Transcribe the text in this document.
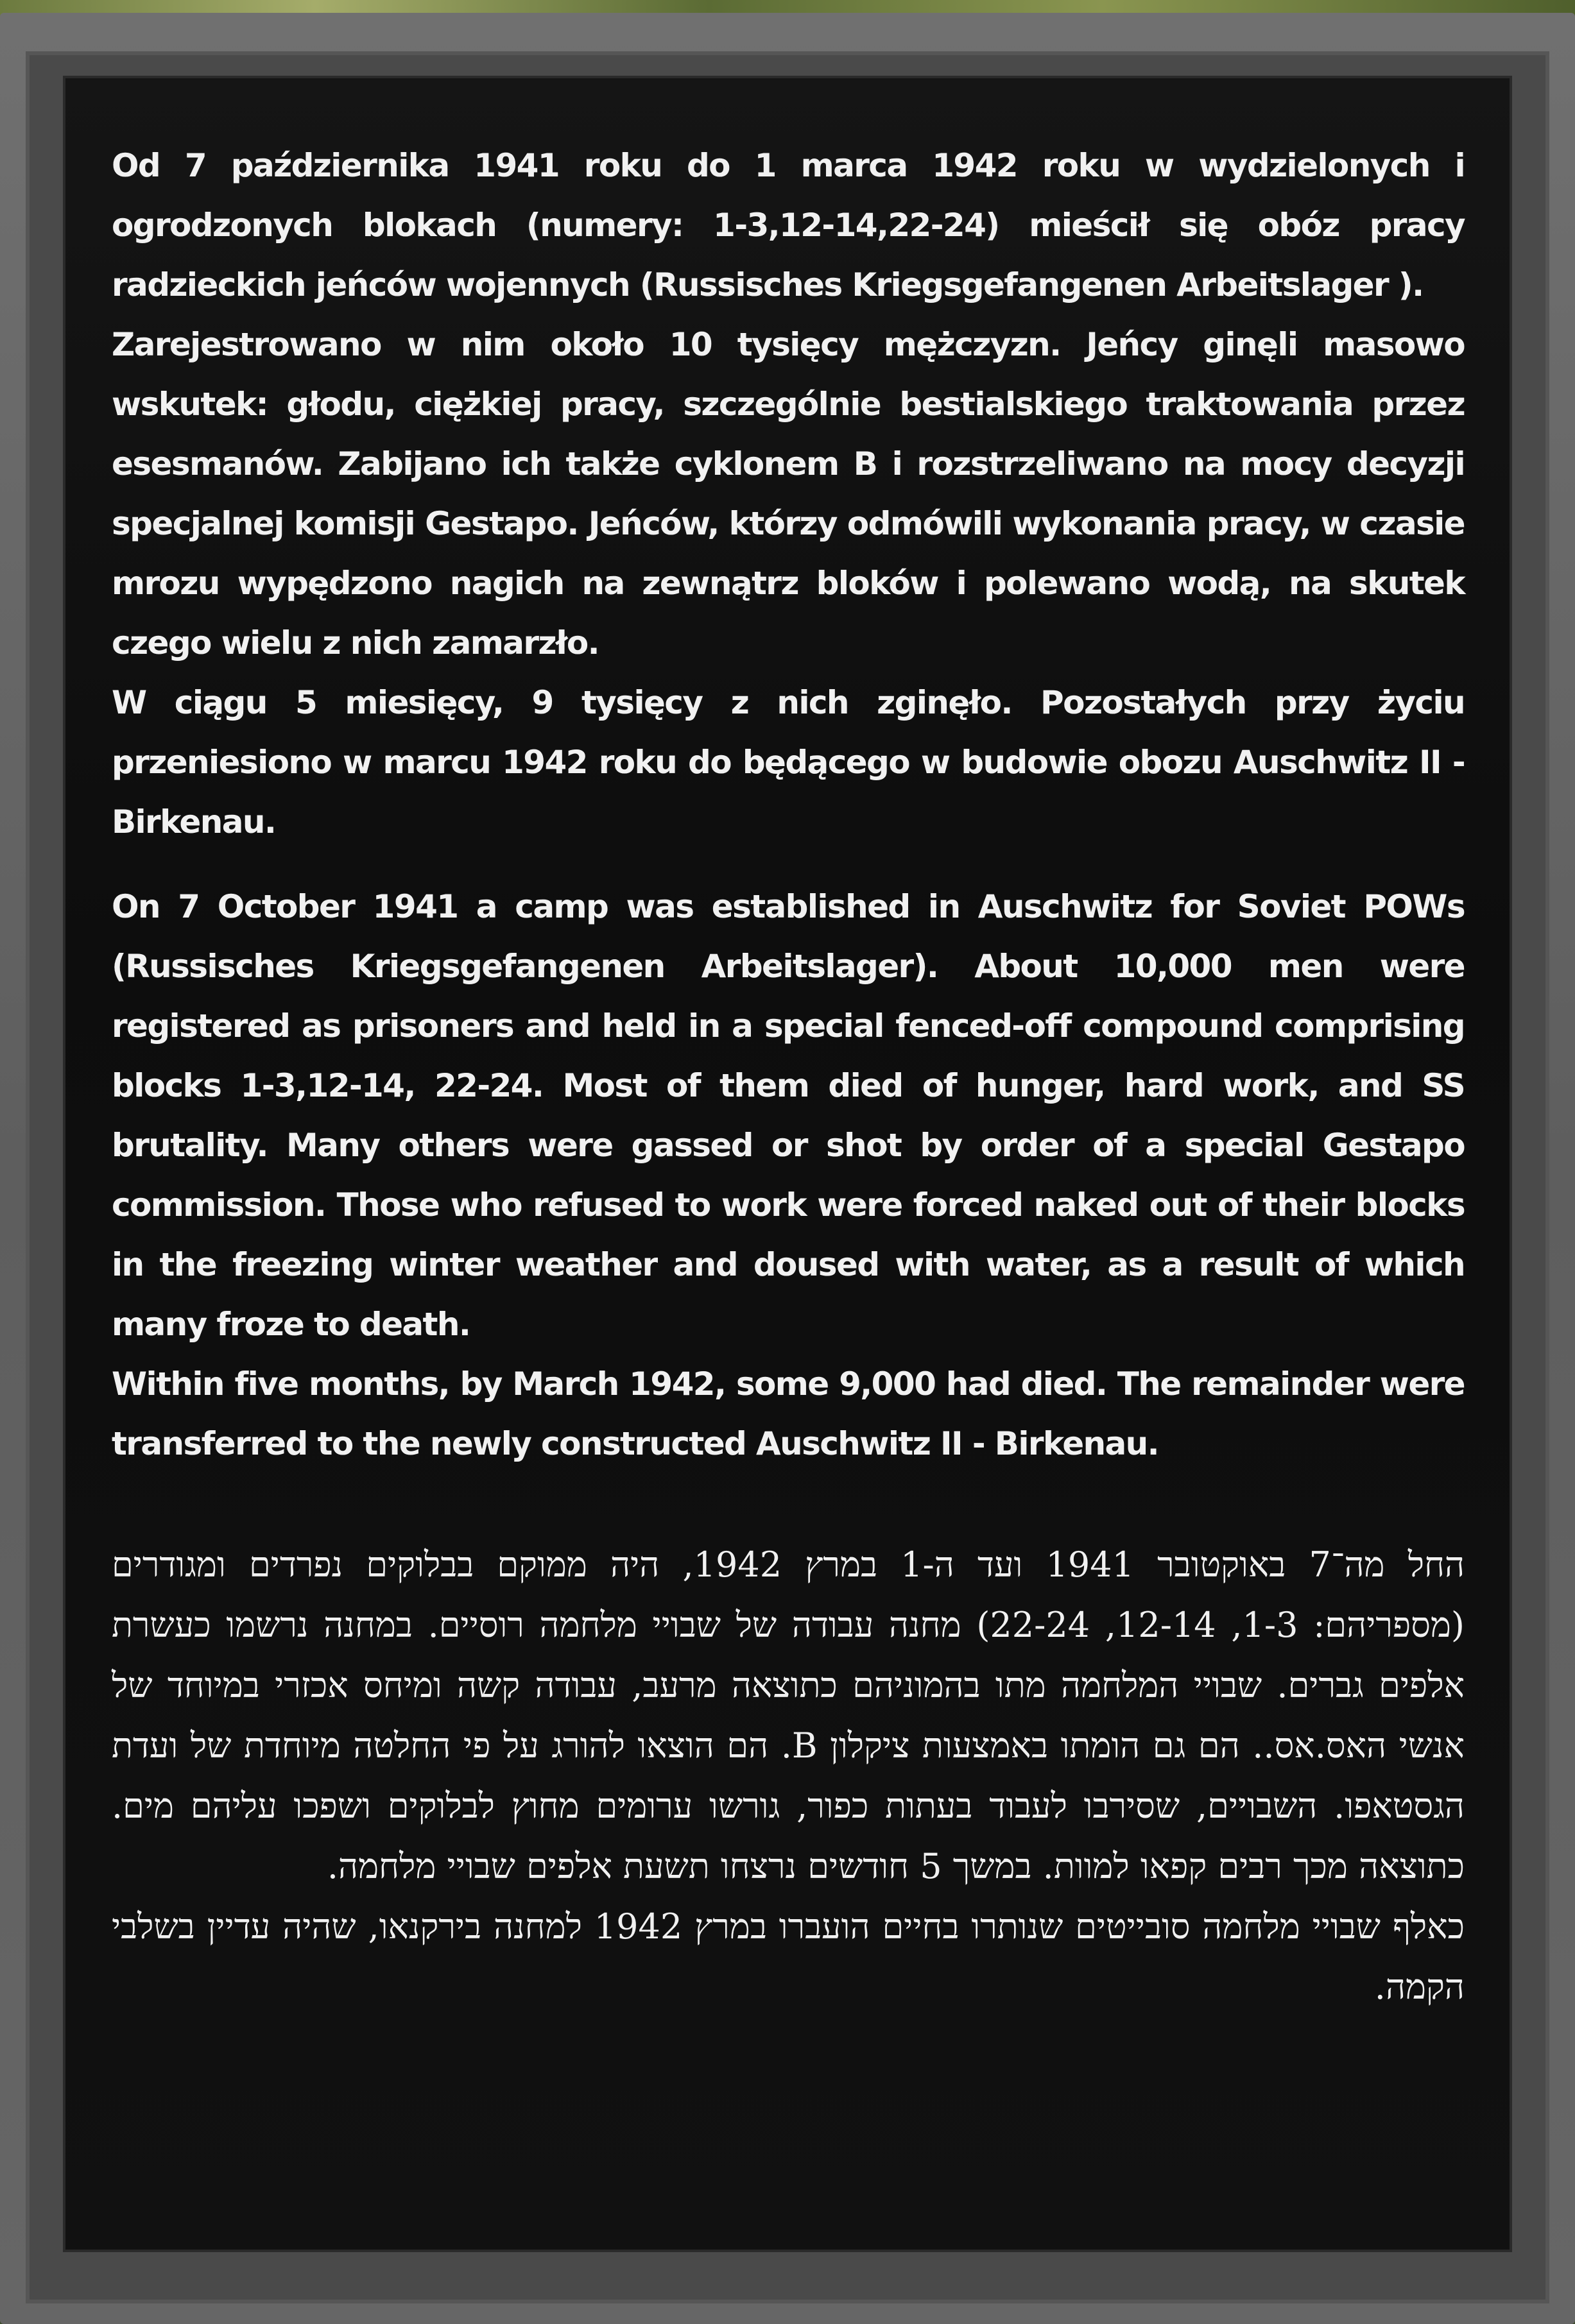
Od 7 października 1941 roku do 1 marca 1942 roku w wydzielonych i ogrodzonych blokach (numery: 1-3,12-14,22-24) mieścił się obóz pracy radzieckich jeńców wojennych (Russisches Kriegsgefangenen Arbeitslager ).

Zarejestrowano w nim około 10 tysięcy mężczyzn. Jeńcy ginęli masowo wskutek: głodu, ciężkiej pracy, szczególnie bestialskiego traktowania przez esesmanów. Zabijano ich także cyklonem B i rozstrzeliwano na mocy decyzji specjalnej komisji Gestapo. Jeńców, którzy odmówili wykonania pracy, w czasie mrozu wypędzono nagich na zewnątrz bloków i polewano wodą, na skutek czego wielu z nich zamarzło.

W ciągu 5 miesięcy, 9 tysięcy z nich zginęło. Pozostałych przy życiu przeniesiono w marcu 1942 roku do będącego w budowie obozu Auschwitz II - Birkenau.

On 7 October 1941 a camp was established in Auschwitz for Soviet POWs (Russisches Kriegsgefangenen Arbeitslager). About 10,000 men were registered as prisoners and held in a special fenced-off compound comprising blocks 1-3,12-14, 22-24. Most of them died of hunger, hard work, and SS brutality. Many others were gassed or shot by order of a special Gestapo commission. Those who refused to work were forced naked out of their blocks in the freezing winter weather and doused with water, as a result of which many froze to death.

Within five months, by March 1942, some 9,000 had died. The remainder were transferred to the newly constructed Auschwitz II - Birkenau.

החל מה־7 באוקטובר 1941 ועד ה-1 במרץ 1942, היה ממוקם בבלוקים נפרדים ומגודרים (מספריהם: 1-3, 12-14, 22-24) מחנה עבודה של שבויי מלחמה רוסיים. במחנה נרשמו כעשרת אלפים גברים. שבויי המלחמה מתו בהמוניהם כתוצאה מרעב, עבודה קשה ומיחס אכזרי במיוחד של אנשי האס.אס.. הם גם הומתו באמצעות ציקלון B. הם הוצאו להורג על פי החלטה מיוחדת של ועדת הגסטאפו. השבויים, שסירבו לעבוד בעתות כפור, גורשו ערומים מחוץ לבלוקים ושפכו עליהם מים. כתוצאה מכך רבים קפאו למוות. במשך 5 חודשים נרצחו תשעת אלפים שבויי מלחמה.

כאלף שבויי מלחמה סובייטים שנותרו בחיים הועברו במרץ 1942 למחנה בירקנאו, שהיה עדיין בשלבי הקמה.
